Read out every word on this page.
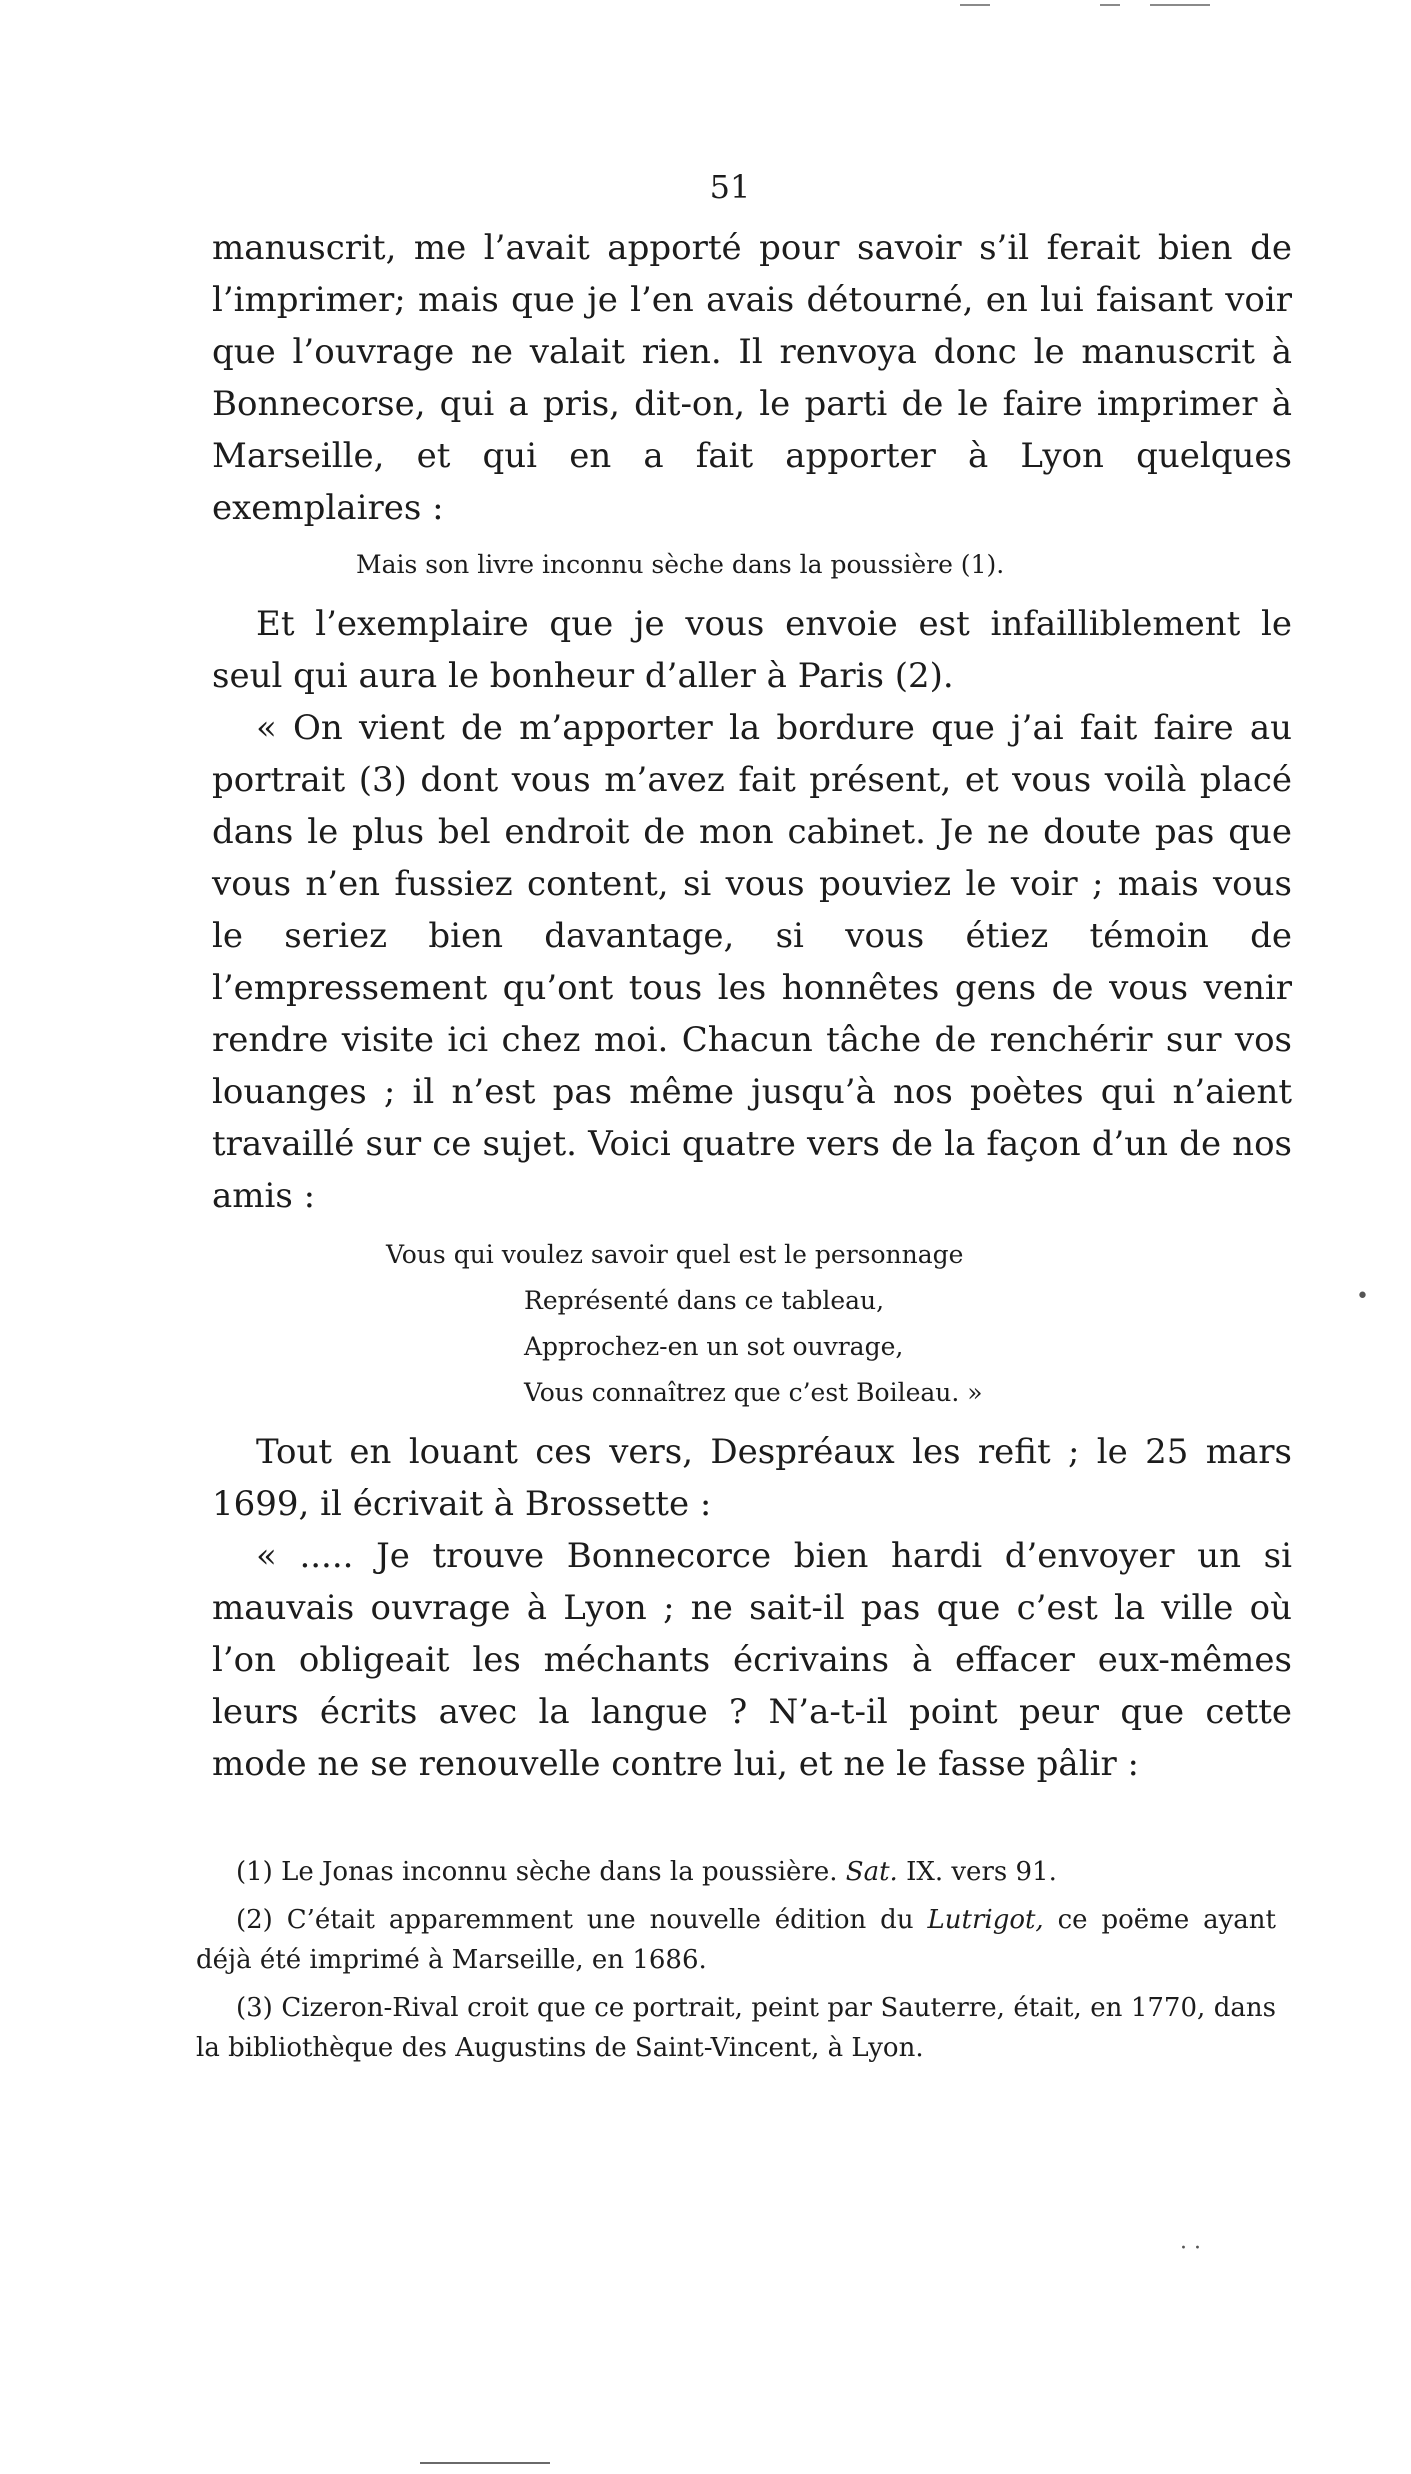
51

manuscrit, me l’avait apporté pour savoir s’il ferait bien de l’imprimer; mais que je l’en avais détourné, en lui faisant voir que l’ouvrage ne valait rien. Il renvoya donc le manuscrit à Bonnecorse, qui a pris, dit-on, le parti de le faire imprimer à Marseille, et qui en a fait apporter à Lyon quelques exemplaires :

Mais son livre inconnu sèche dans la poussière (1).

Et l’exemplaire que je vous envoie est infailliblement le seul qui aura le bonheur d’aller à Paris (2).

« On vient de m’apporter la bordure que j’ai fait faire au portrait (3) dont vous m’avez fait présent, et vous voilà placé dans le plus bel endroit de mon cabinet. Je ne doute pas que vous n’en fussiez content, si vous pouviez le voir ; mais vous le seriez bien davantage, si vous étiez témoin de l’empressement qu’ont tous les honnêtes gens de vous venir rendre visite ici chez moi. Chacun tâche de renchérir sur vos louanges ; il n’est pas même jusqu’à nos poètes qui n’aient travaillé sur ce sujet. Voici quatre vers de la façon d’un de nos amis :

Vous qui voulez savoir quel est le personnage
Représenté dans ce tableau,
Approchez-en un sot ouvrage,
Vous connaîtrez que c’est Boileau. »

Tout en louant ces vers, Despréaux les refit ; le 25 mars 1699, il écrivait à Brossette :

« ..... Je trouve Bonnecorce bien hardi d’envoyer un si mauvais ouvrage à Lyon ; ne sait-il pas que c’est la ville où l’on obligeait les méchants écrivains à effacer eux-mêmes leurs écrits avec la langue ? N’a-t-il point peur que cette mode ne se renouvelle contre lui, et ne le fasse pâlir :

•

(1) Le Jonas inconnu sèche dans la poussière. Sat. IX. vers 91.

(2) C’était apparemment une nouvelle édition du Lutrigot, ce poëme ayant déjà été imprimé à Marseille, en 1686.

(3) Cizeron-Rival croit que ce portrait, peint par Sauterre, était, en 1770, dans la bibliothèque des Augustins de Saint-Vincent, à Lyon.

· ·
